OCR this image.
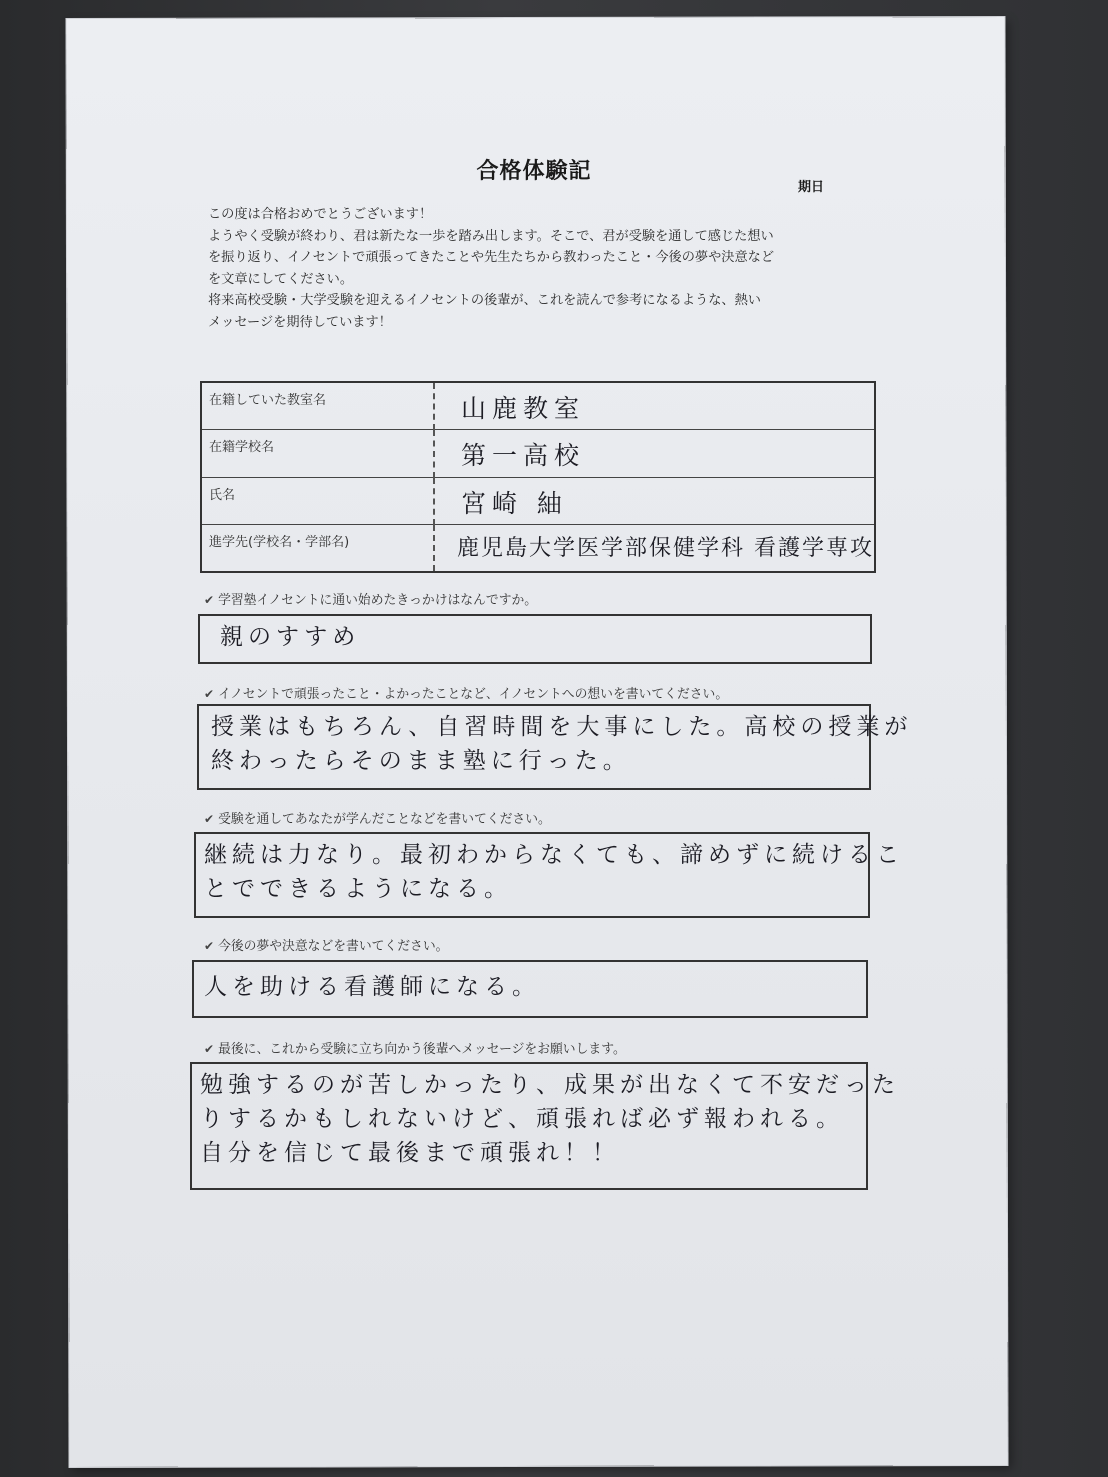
合格体験記
期日

この度は合格おめでとうございます！

ようやく受験が終わり、君は新たな一歩を踏み出します。そこで、君が受験を通して感じた想い

を振り返り、イノセントで頑張ってきたことや先生たちから教わったこと・今後の夢や決意など

を文章にしてください。

将来高校受験・大学受験を迎えるイノセントの後輩が、これを読んで参考になるような、熱い

メッセージを期待しています！

在籍していた教室名	山鹿教室
在籍学校名	第一高校
氏名	宮崎 紬
進学先(学校名・学部名)	鹿児島大学医学部保健学科 看護学専攻
✔ 学習塾イノセントに通い始めたきっかけはなんですか。
親のすすめ
✔ イノセントで頑張ったこと・よかったことなど、イノセントへの想いを書いてください。
授業はもちろん、自習時間を大事にした。高校の授業が
終わったらそのまま塾に行った。
✔ 受験を通してあなたが学んだことなどを書いてください。
継続は力なり。最初わからなくても、諦めずに続けるこ
とでできるようになる。
✔ 今後の夢や決意などを書いてください。
人を助ける看護師になる。
✔ 最後に、これから受験に立ち向かう後輩へメッセージをお願いします。
勉強するのが苦しかったり、成果が出なくて不安だった
りするかもしれないけど、頑張れば必ず報われる。
自分を信じて最後まで頑張れ！！
